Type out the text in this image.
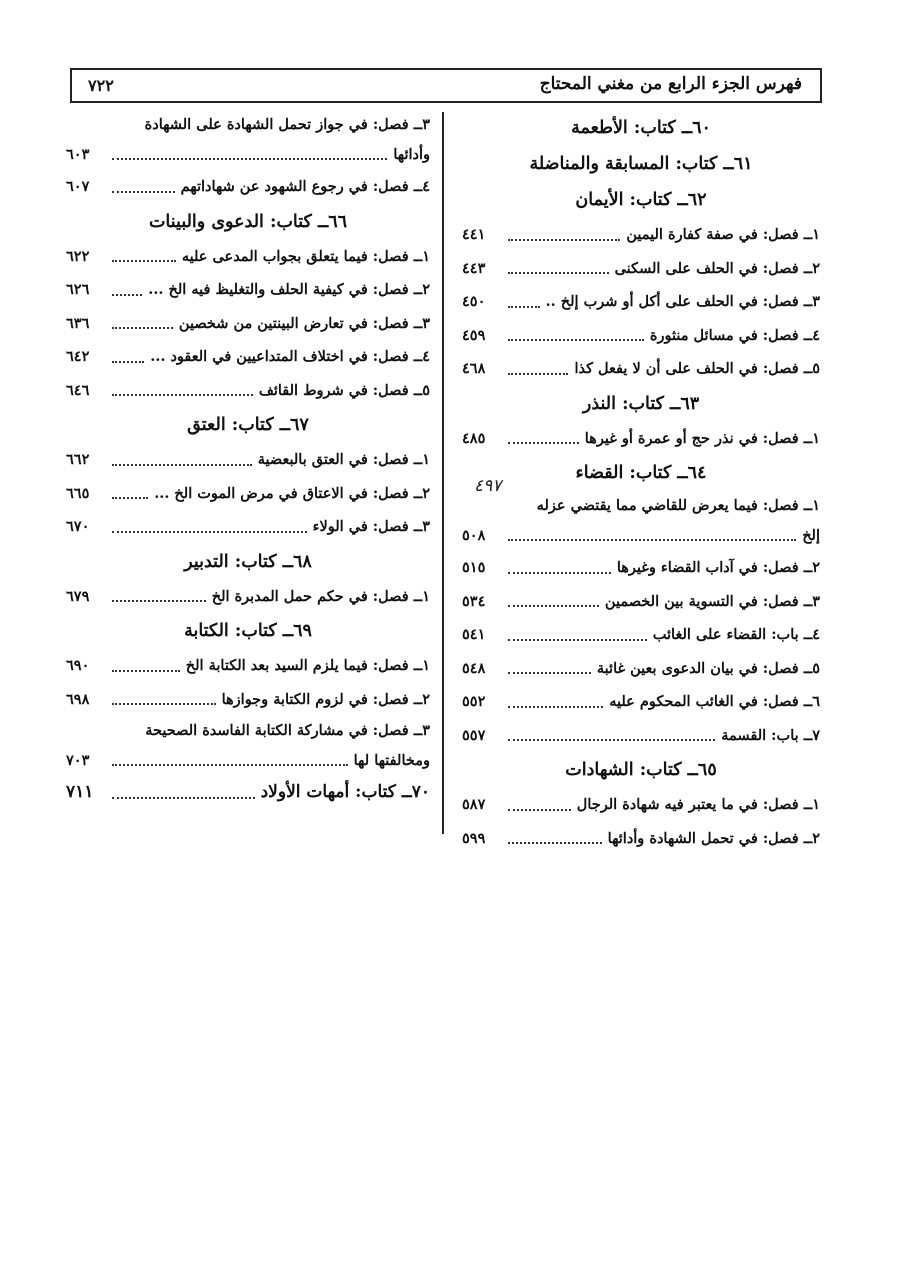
فهرس الجزء الرابع من مغني المحتاج
٧٢٢
٦٠ــ كتاب: الأطعمة
٦١ــ كتاب: المسابقة والمناضلة
٦٢ــ كتاب: الأيمان
١ــ فصل: في صفة كفارة اليمين
٤٤١
٢ــ فصل: في الحلف على السكنى
٤٤٣
٣ــ فصل: في الحلف على أكل أو شرب إلخ ..
٤٥٠
٤ــ فصل: في مسائل منثورة
٤٥٩
٥ــ فصل: في الحلف على أن لا يفعل كذا
٤٦٨
٦٣ــ كتاب: النذر
١ــ فصل: في نذر حج أو عمرة أو غيرها
٤٨٥
٦٤ــ كتاب: القضاء
١ــ فصل: فيما يعرض للقاضي مما يقتضي عزله
إلخ
٥٠٨
٢ــ فصل: في آداب القضاء وغيرها
٥١٥
٣ــ فصل: في التسوية بين الخصمين
٥٣٤
٤ــ باب: القضاء على الغائب
٥٤١
٥ــ فصل: في بيان الدعوى بعين غائبة
٥٤٨
٦ــ فصل: في الغائب المحكوم عليه
٥٥٢
٧ــ باب: القسمة
٥٥٧
٦٥ــ كتاب: الشهادات
١ــ فصل: في ما يعتبر فيه شهادة الرجال
٥٨٧
٢ــ فصل: في تحمل الشهادة وأدائها
٥٩٩
٣ــ فصل: في جواز تحمل الشهادة على الشهادة
وأدائها
٦٠٣
٤ــ فصل: في رجوع الشهود عن شهاداتهم
٦٠٧
٦٦ــ كتاب: الدعوى والبينات
١ــ فصل: فيما يتعلق بجواب المدعى عليه
٦٢٢
٢ــ فصل: في كيفية الحلف والتغليظ فيه الخ ...
٦٢٦
٣ــ فصل: في تعارض البينتين من شخصين
٦٣٦
٤ــ فصل: في اختلاف المتداعيين في العقود ...
٦٤٢
٥ــ فصل: في شروط القائف
٦٤٦
٦٧ــ كتاب: العتق
١ــ فصل: في العتق بالبعضية
٦٦٢
٢ــ فصل: في الاعتاق في مرض الموت الخ ...
٦٦٥
٣ــ فصل: في الولاء
٦٧٠
٦٨ــ كتاب: التدبير
١ــ فصل: في حكم حمل المدبرة الخ
٦٧٩
٦٩ــ كتاب: الكتابة
١ــ فصل: فيما يلزم السيد بعد الكتابة الخ
٦٩٠
٢ــ فصل: في لزوم الكتابة وجوازها
٦٩٨
٣ــ فصل: في مشاركة الكتابة الفاسدة الصحيحة
ومخالفتها لها
٧٠٣
٧٠ــ كتاب: أمهات الأولاد
٧١١
٤٩٧
